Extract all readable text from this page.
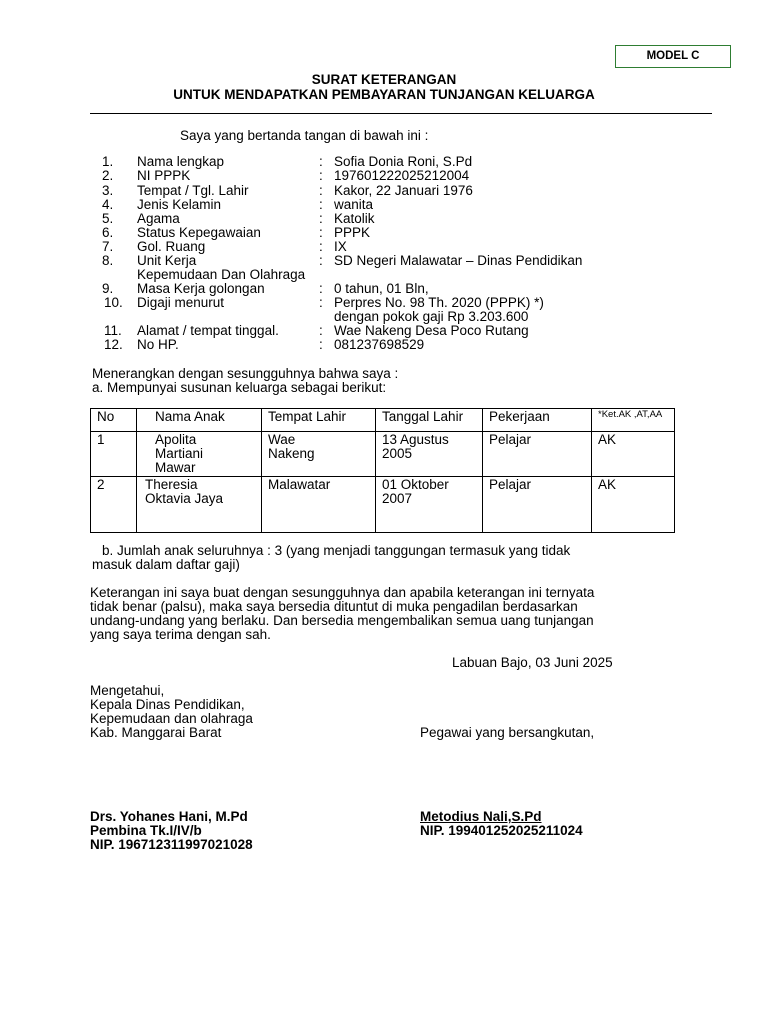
MODEL C
SURAT KETERANGAN
UNTUK MENDAPATKAN PEMBAYARAN TUNJANGAN KELUARGA
Saya yang bertanda tangan di bawah ini :
1. Nama lengkap	: Sofia Donia Roni, S.Pd
2. NI PPPK	: 197601222025212004
3. Tempat / Tgl. Lahir	: Kakor, 22 Januari 1976
4. Jenis Kelamin	: wanita
5. Agama	: Katolik
6. Status Kepegawaian	: PPPK
7. Gol. Ruang	: IX
8. Unit Kerja	: SD Negeri Malawatar – Dinas Pendidikan
Kepemudaan Dan Olahraga
9. Masa Kerja golongan	: 0 tahun, 01 Bln,
10. Digaji menurut	: Perpres No. 98 Th. 2020 (PPPK) *)
dengan pokok gaji Rp 3.203.600
11. Alamat / tempat tinggal.	: Wae Nakeng Desa Poco Rutang
12. No HP.	: 081237698529
Menerangkan dengan sesungguhnya bahwa saya :
a. Mempunyai susunan keluarga sebagai berikut:
No	Nama Anak	Tempat Lahir	Tanggal Lahir	Pekerjaan	*Ket.AK ,AT,AA
1	Apolita Martiani Mawar	Wae Nakeng	13 Agustus 2005	Pelajar	AK
2	Theresia Oktavia Jaya	Malawatar	01 Oktober 2007	Pelajar	AK
b. Jumlah anak seluruhnya : 3 (yang menjadi tanggungan termasuk yang tidak
masuk dalam daftar gaji)
Keterangan ini saya buat dengan sesungguhnya dan apabila keterangan ini ternyata
tidak benar (palsu), maka saya bersedia dituntut di muka pengadilan berdasarkan
undang-undang yang berlaku. Dan bersedia mengembalikan semua uang tunjangan
yang saya terima dengan sah.
Labuan Bajo, 03 Juni 2025
Mengetahui,
Kepala Dinas Pendidikan,
Kepemudaan dan olahraga
Kab. Manggarai Barat	Pegawai yang bersangkutan,
Drs. Yohanes Hani, M.Pd
Pembina Tk.I/IV/b
NIP. 196712311997021028
Metodius Nali,S.Pd
NIP. 199401252025211024
